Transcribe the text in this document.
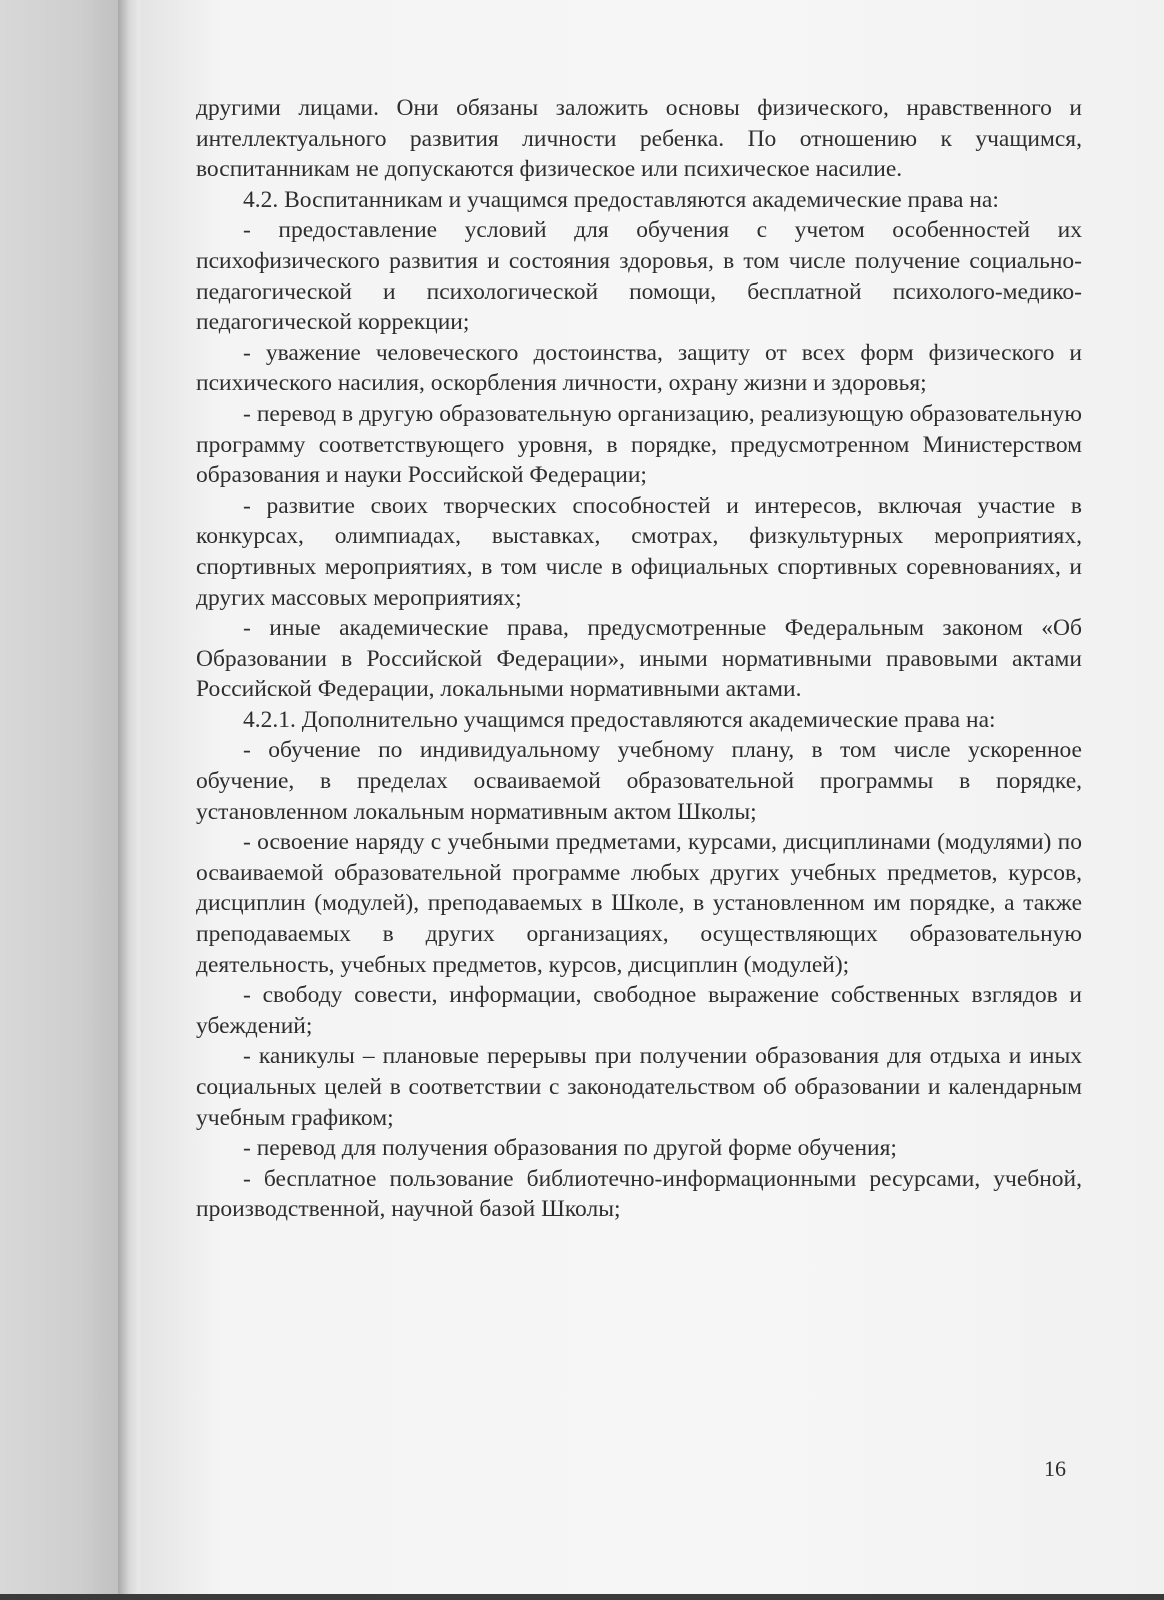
другими лицами. Они обязаны заложить основы физического, нравственного и интеллектуального развития личности ребенка. По отношению к учащимся, воспитанникам не допускаются физическое или психическое насилие.

4.2. Воспитанникам и учащимся предоставляются академические права на:

- предоставление условий для обучения с учетом особенностей их психофизического развития и состояния здоровья, в том числе получение социально-педагогической и психологической помощи, бесплатной психолого-медико-педагогической коррекции;

- уважение человеческого достоинства, защиту от всех форм физического и психического насилия, оскорбления личности, охрану жизни и здоровья;

- перевод в другую образовательную организацию, реализующую образовательную программу соответствующего уровня, в порядке, предусмотренном Министерством образования и науки Российской Федерации;

- развитие своих творческих способностей и интересов, включая участие в конкурсах, олимпиадах, выставках, смотрах, физкультурных мероприятиях, спортивных мероприятиях, в том числе в официальных спортивных соревнованиях, и других массовых мероприятиях;

- иные академические права, предусмотренные Федеральным законом «Об Образовании в Российской Федерации», иными нормативными правовыми актами Российской Федерации, локальными нормативными актами.

4.2.1. Дополнительно учащимся предоставляются академические права на:

- обучение по индивидуальному учебному плану, в том числе ускоренное обучение, в пределах осваиваемой образовательной программы в порядке, установленном локальным нормативным актом Школы;

- освоение наряду с учебными предметами, курсами, дисциплинами (модулями) по осваиваемой образовательной программе любых других учебных предметов, курсов, дисциплин (модулей), преподаваемых в Школе, в установленном им порядке, а также преподаваемых в других организациях, осуществляющих образовательную деятельность, учебных предметов, курсов, дисциплин (модулей);

- свободу совести, информации, свободное выражение собственных взглядов и убеждений;

- каникулы – плановые перерывы при получении образования для отдыха и иных социальных целей в соответствии с законодательством об образовании и календарным учебным графиком;

- перевод для получения образования по другой форме обучения;

- бесплатное пользование библиотечно-информационными ресурсами, учебной, производственной, научной базой Школы;

16
